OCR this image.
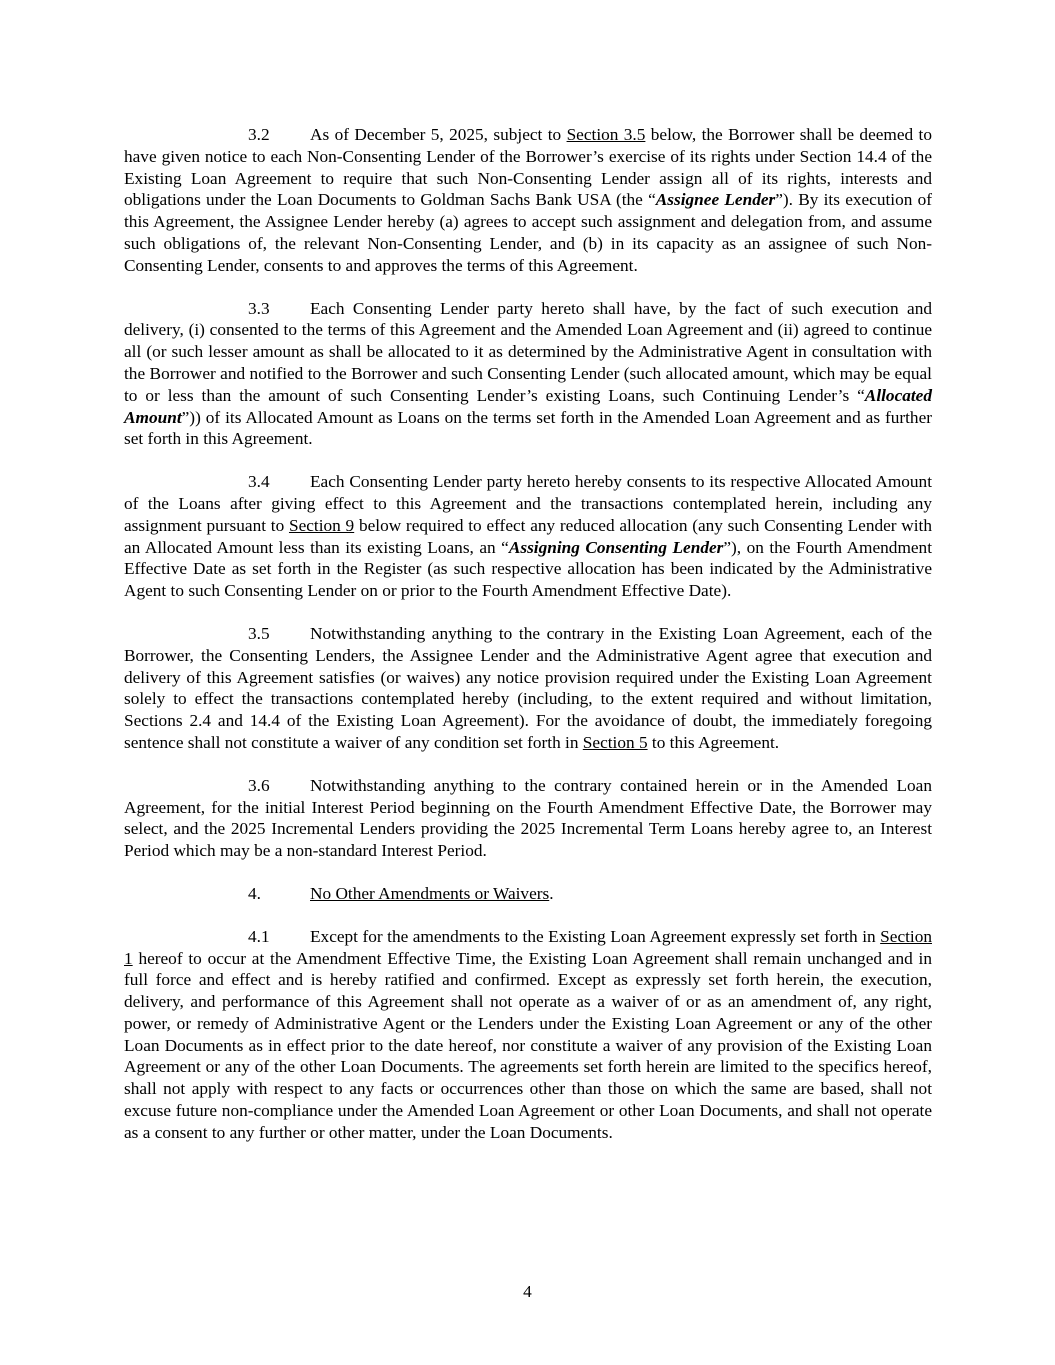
3.2 As of December 5, 2025, subject to Section 3.5 below, the Borrower shall be deemed to have given notice to each Non-Consenting Lender of the Borrower’s exercise of its rights under Section 14.4 of the Existing Loan Agreement to require that such Non-Consenting Lender assign all of its rights, interests and obligations under the Loan Documents to Goldman Sachs Bank USA (the “Assignee Lender”). By its execution of this Agreement, the Assignee Lender hereby (a) agrees to accept such assignment and delegation from, and assume such obligations of, the relevant Non-Consenting Lender, and (b) in its capacity as an assignee of such Non-Consenting Lender, consents to and approves the terms of this Agreement.

3.3 Each Consenting Lender party hereto shall have, by the fact of such execution and delivery, (i) consented to the terms of this Agreement and the Amended Loan Agreement and (ii) agreed to continue all (or such lesser amount as shall be allocated to it as determined by the Administrative Agent in consultation with the Borrower and notified to the Borrower and such Consenting Lender (such allocated amount, which may be equal to or less than the amount of such Consenting Lender’s existing Loans, such Continuing Lender’s “Allocated Amount”)) of its Allocated Amount as Loans on the terms set forth in the Amended Loan Agreement and as further set forth in this Agreement.

3.4 Each Consenting Lender party hereto hereby consents to its respective Allocated Amount of the Loans after giving effect to this Agreement and the transactions contemplated herein, including any assignment pursuant to Section 9 below required to effect any reduced allocation (any such Consenting Lender with an Allocated Amount less than its existing Loans, an “Assigning Consenting Lender”), on the Fourth Amendment Effective Date as set forth in the Register (as such respective allocation has been indicated by the Administrative Agent to such Consenting Lender on or prior to the Fourth Amendment Effective Date).

3.5 Notwithstanding anything to the contrary in the Existing Loan Agreement, each of the Borrower, the Consenting Lenders, the Assignee Lender and the Administrative Agent agree that execution and delivery of this Agreement satisfies (or waives) any notice provision required under the Existing Loan Agreement solely to effect the transactions contemplated hereby (including, to the extent required and without limitation, Sections 2.4 and 14.4 of the Existing Loan Agreement). For the avoidance of doubt, the immediately foregoing sentence shall not constitute a waiver of any condition set forth in Section 5 to this Agreement.

3.6 Notwithstanding anything to the contrary contained herein or in the Amended Loan Agreement, for the initial Interest Period beginning on the Fourth Amendment Effective Date, the Borrower may select, and the 2025 Incremental Lenders providing the 2025 Incremental Term Loans hereby agree to, an Interest Period which may be a non-standard Interest Period.

4.	No Other Amendments or Waivers.

4.1 Except for the amendments to the Existing Loan Agreement expressly set forth in Section 1 hereof to occur at the Amendment Effective Time, the Existing Loan Agreement shall remain unchanged and in full force and effect and is hereby ratified and confirmed. Except as expressly set forth herein, the execution, delivery, and performance of this Agreement shall not operate as a waiver of or as an amendment of, any right, power, or remedy of Administrative Agent or the Lenders under the Existing Loan Agreement or any of the other Loan Documents as in effect prior to the date hereof, nor constitute a waiver of any provision of the Existing Loan Agreement or any of the other Loan Documents. The agreements set forth herein are limited to the specifics hereof, shall not apply with respect to any facts or occurrences other than those on which the same are based, shall not excuse future non-compliance under the Amended Loan Agreement or other Loan Documents, and shall not operate as a consent to any further or other matter, under the Loan Documents.

4
